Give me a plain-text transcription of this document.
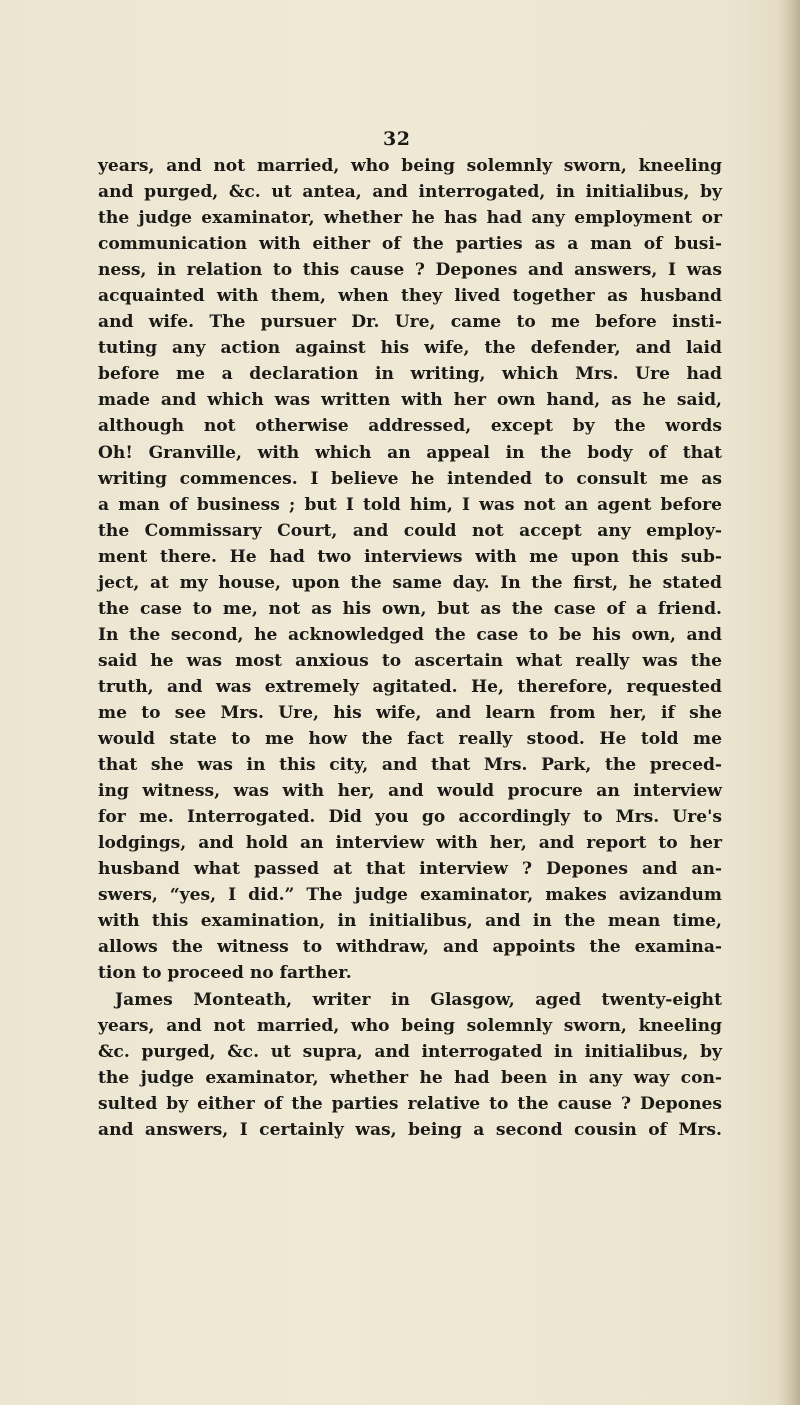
32
years, and not married, who being solemnly sworn, kneeling
and purged, &c. ut antea, and interrogated, in initialibus, by
the judge examinator, whether he has had any employment or
communication with either of the parties as a man of busi-
ness, in relation to this cause ? Depones and answers, I was
acquainted with them, when they lived together as husband
and wife. The pursuer Dr. Ure, came to me before insti-
tuting any action against his wife, the defender, and laid
before me a declaration in writing, which Mrs. Ure had
made and which was written with her own hand, as he said,
although not otherwise addressed, except by the words
Oh! Granville, with which an appeal in the body of that
writing commences. I believe he intended to consult me as
a man of business ; but I told him, I was not an agent before
the Commissary Court, and could not accept any employ-
ment there. He had two interviews with me upon this sub-
ject, at my house, upon the same day. In the first, he stated
the case to me, not as his own, but as the case of a friend.
In the second, he acknowledged the case to be his own, and
said he was most anxious to ascertain what really was the
truth, and was extremely agitated. He, therefore, requested
me to see Mrs. Ure, his wife, and learn from her, if she
would state to me how the fact really stood. He told me
that she was in this city, and that Mrs. Park, the preced-
ing witness, was with her, and would procure an interview
for me. Interrogated. Did you go accordingly to Mrs. Ure's
lodgings, and hold an interview with her, and report to her
husband what passed at that interview ? Depones and an-
swers, “yes, I did.” The judge examinator, makes avizandum
with this examination, in initialibus, and in the mean time,
allows the witness to withdraw, and appoints the examina-
tion to proceed no farther.
James Monteath, writer in Glasgow, aged twenty-eight
years, and not married, who being solemnly sworn, kneeling
&c. purged, &c. ut supra, and interrogated in initialibus, by
the judge examinator, whether he had been in any way con-
sulted by either of the parties relative to the cause ? Depones
and answers, I certainly was, being a second cousin of Mrs.
